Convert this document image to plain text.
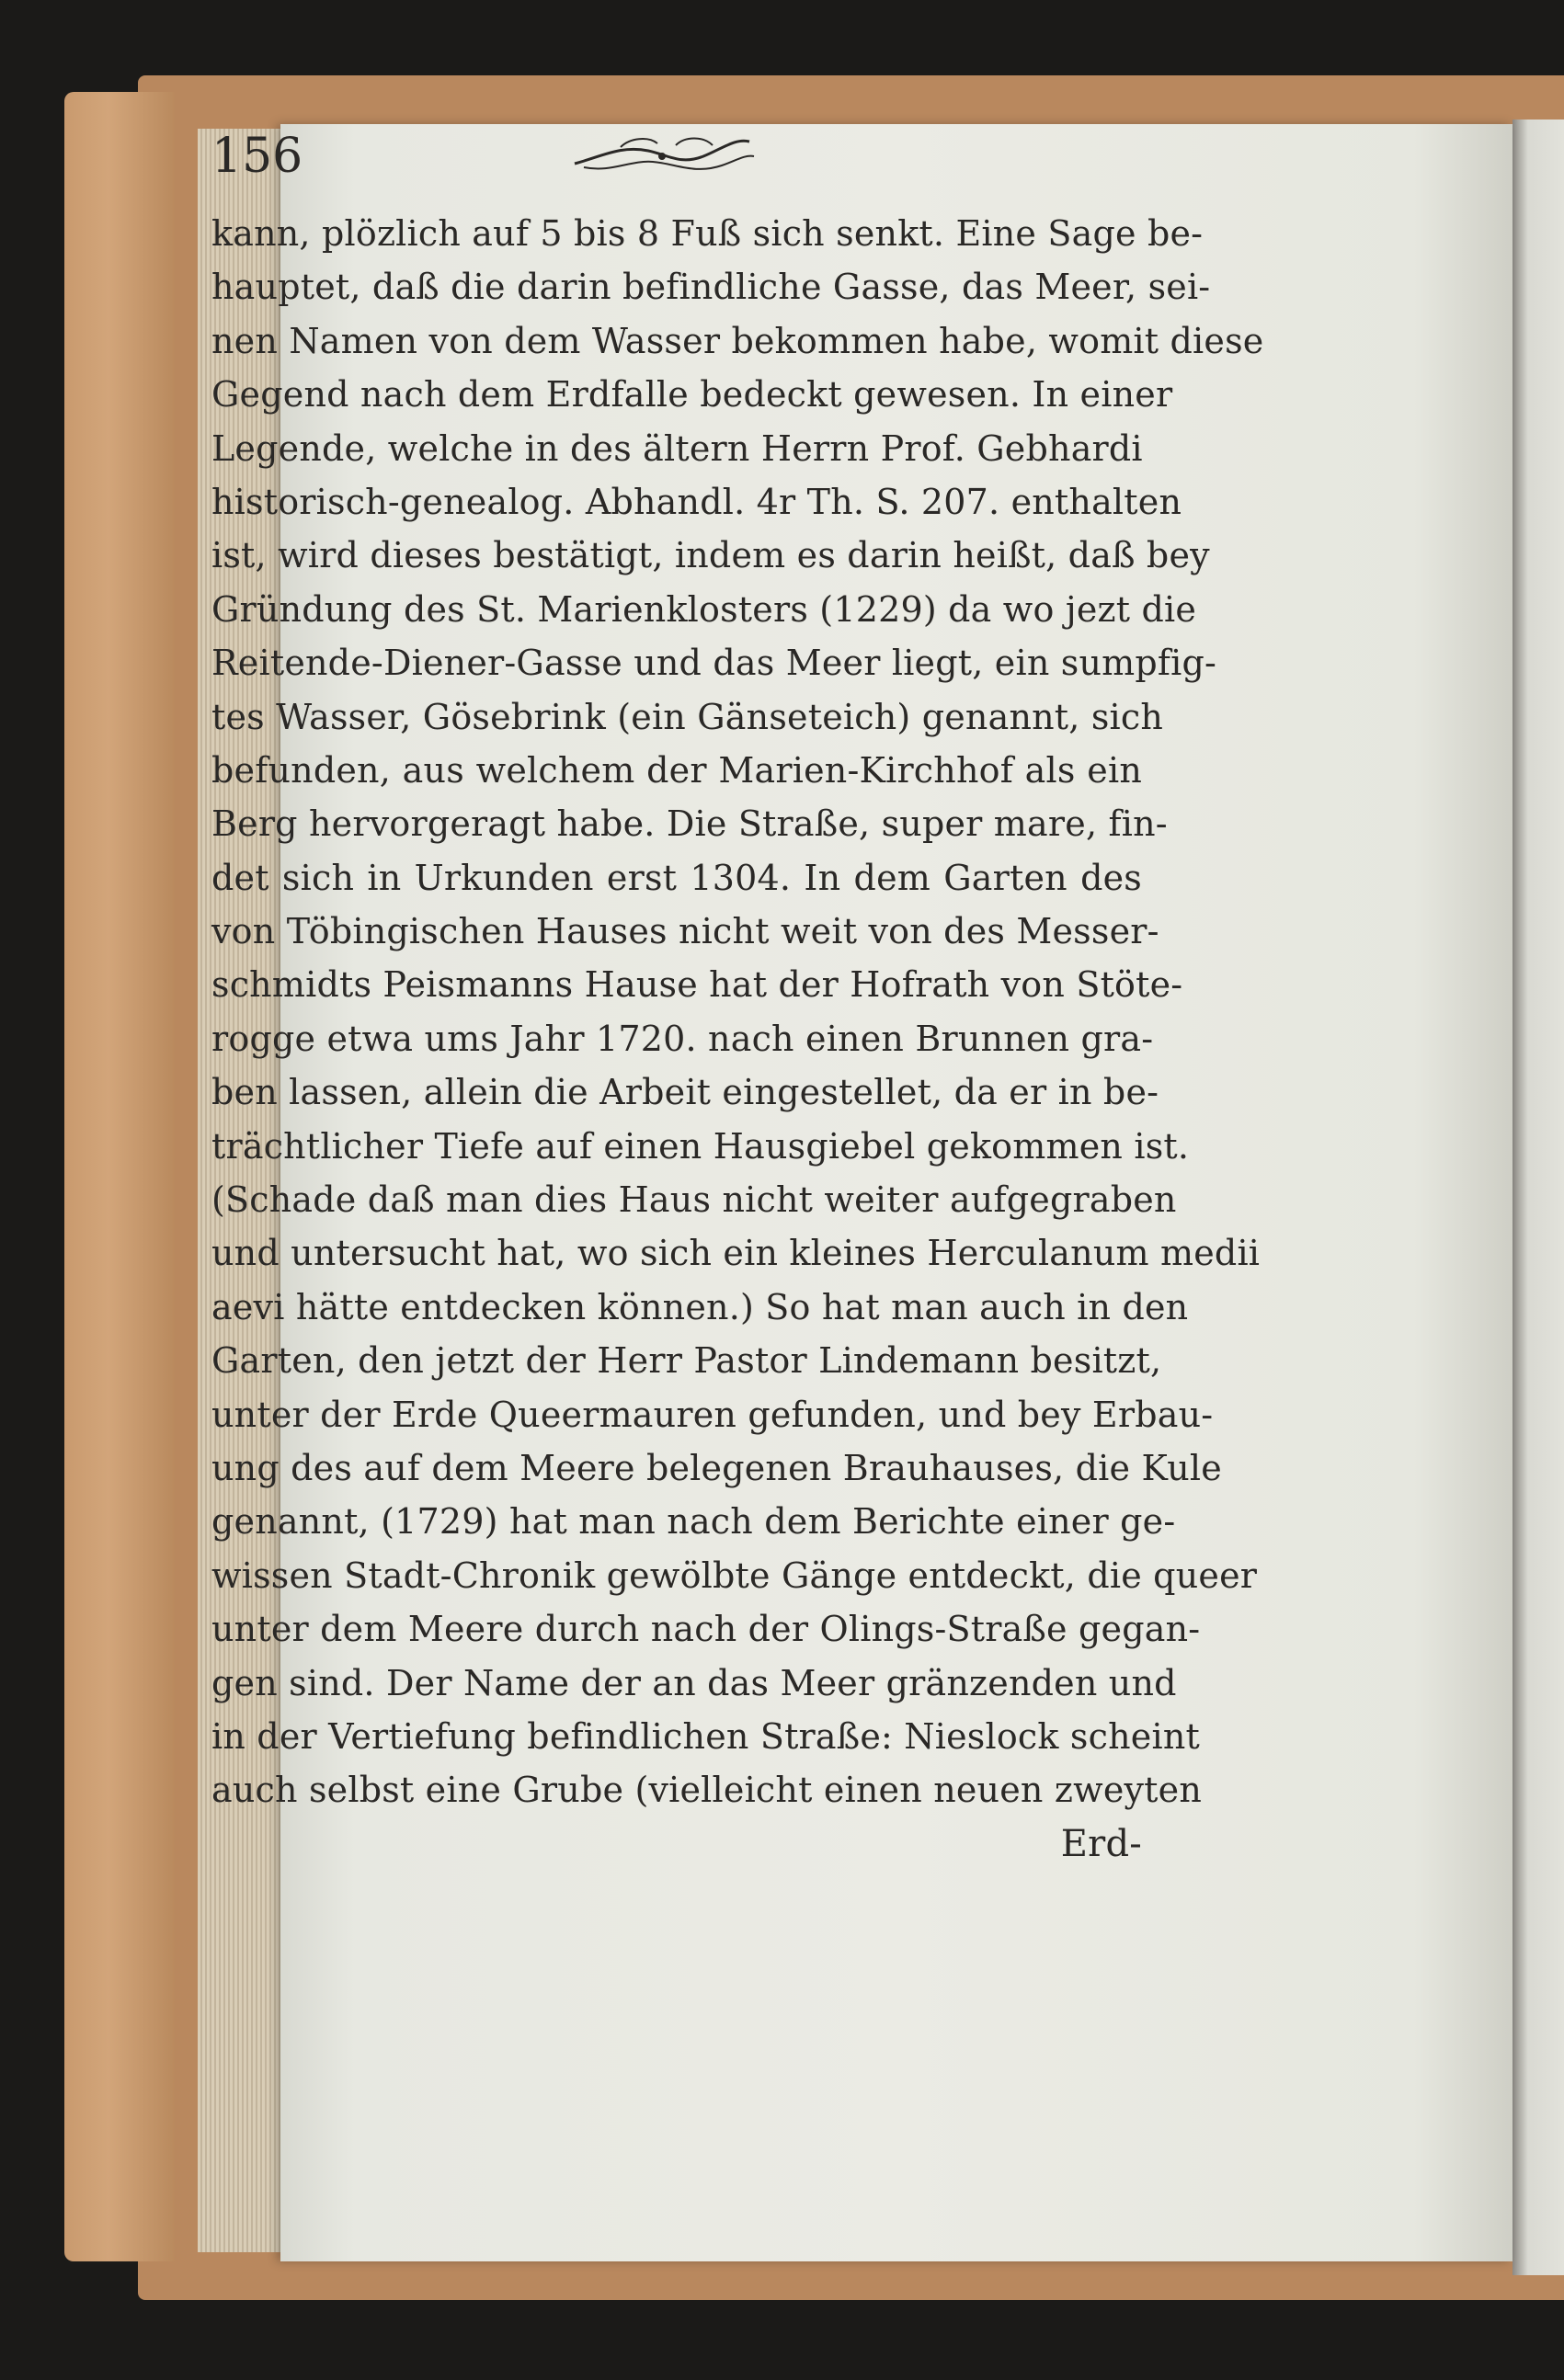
156
kann, plözlich auf 5 bis 8 Fuß sich senkt. Eine Sage be-
hauptet, daß die darin befindliche Gasse, das Meer, sei-
nen Namen von dem Wasser bekommen habe, womit diese
Gegend nach dem Erdfalle bedeckt gewesen. In einer
Legende, welche in des ältern Herrn Prof. Gebhardi
historisch-genealog. Abhandl. 4r Th. S. 207. enthalten
ist, wird dieses bestätigt, indem es darin heißt, daß bey
Gründung des St. Marienklosters (1229) da wo jezt die
Reitende-Diener-Gasse und das Meer liegt, ein sumpfig-
tes Wasser, Gösebrink (ein Gänseteich) genannt, sich
befunden, aus welchem der Marien-Kirchhof als ein
Berg hervorgeragt habe. Die Straße, super mare, fin-
det sich in Urkunden erst 1304. In dem Garten des
von Töbingischen Hauses nicht weit von des Messer-
schmidts Peismanns Hause hat der Hofrath von Stöte-
rogge etwa ums Jahr 1720. nach einen Brunnen gra-
ben lassen, allein die Arbeit eingestellet, da er in be-
trächtlicher Tiefe auf einen Hausgiebel gekommen ist.
(Schade daß man dies Haus nicht weiter aufgegraben
und untersucht hat, wo sich ein kleines Herculanum medii
aevi hätte entdecken können.) So hat man auch in den
Garten, den jetzt der Herr Pastor Lindemann besitzt,
unter der Erde Queermauren gefunden, und bey Erbau-
ung des auf dem Meere belegenen Brauhauses, die Kule
genannt, (1729) hat man nach dem Berichte einer ge-
wissen Stadt-Chronik gewölbte Gänge entdeckt, die queer
unter dem Meere durch nach der Olings-Straße gegan-
gen sind. Der Name der an das Meer gränzenden und
in der Vertiefung befindlichen Straße: Nieslock scheint
auch selbst eine Grube (vielleicht einen neuen zweyten
Erd-
